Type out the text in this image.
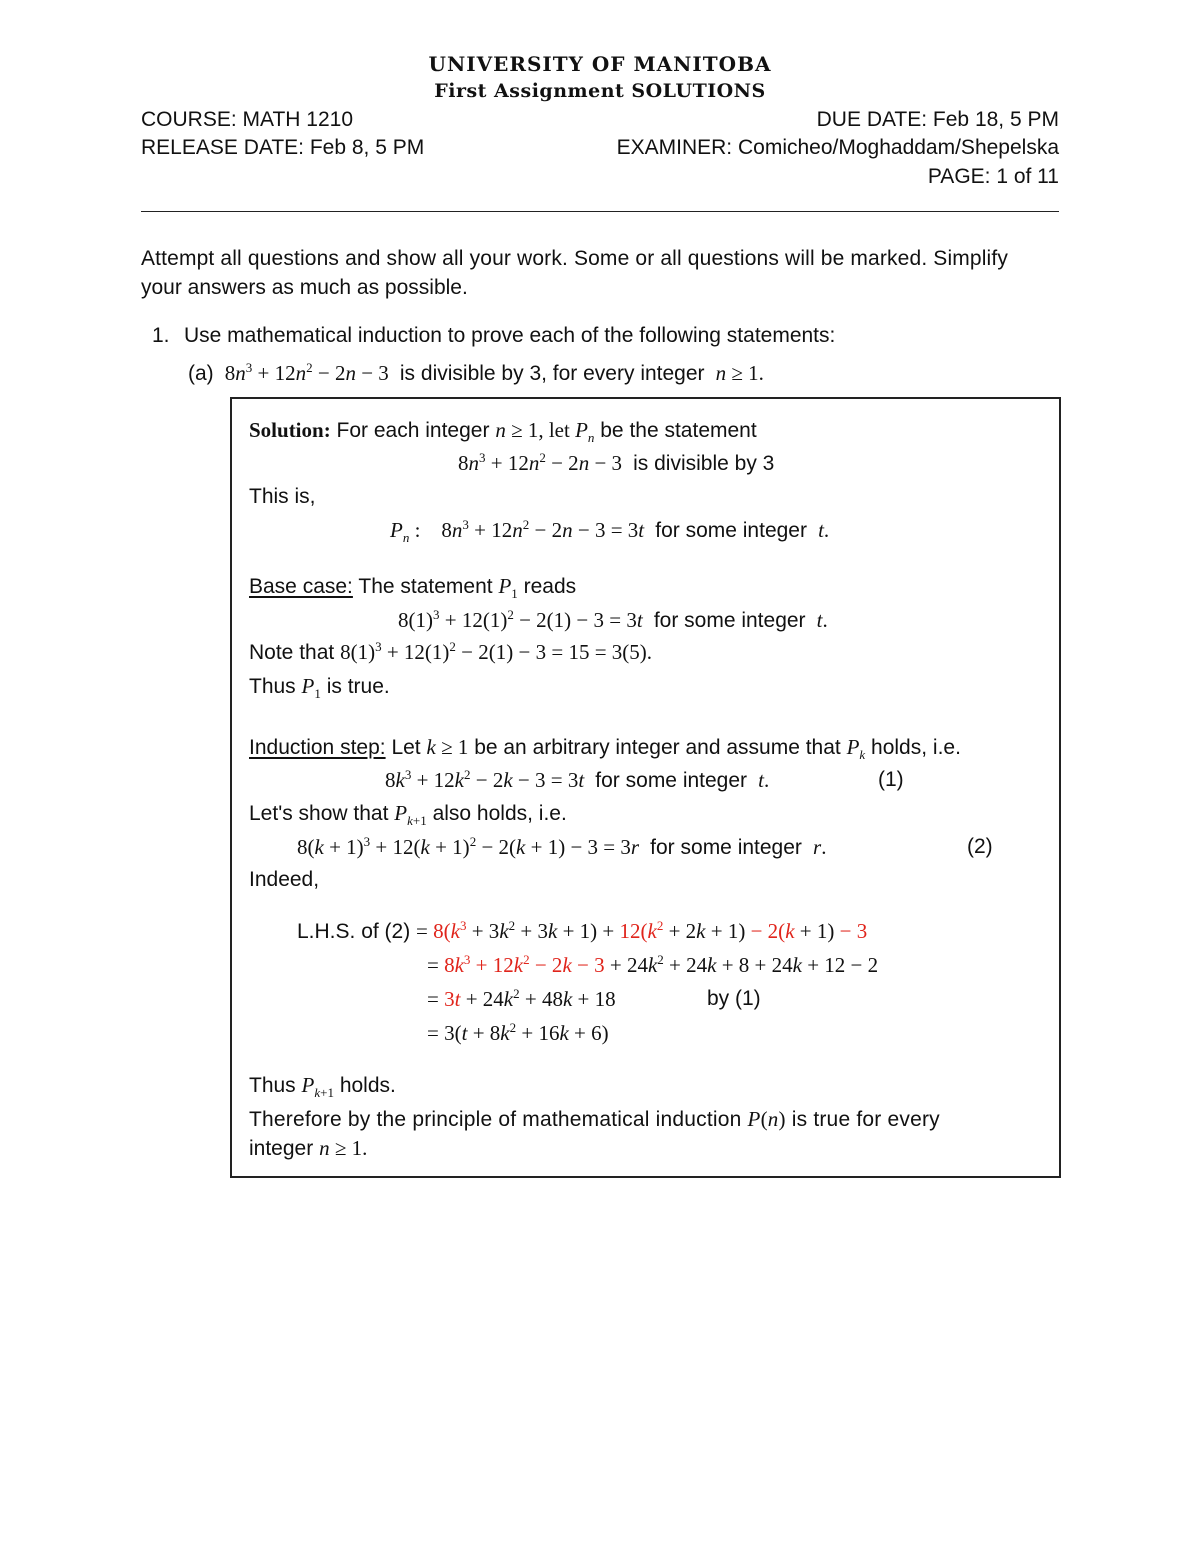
UNIVERSITY OF MANITOBA
First Assignment SOLUTIONS
COURSE: MATH 1210	DUE DATE: Feb 18, 5 PM
RELEASE DATE: Feb 8, 5 PM	EXAMINER: Comicheo/Moghaddam/Shepelska
PAGE: 1 of 11
Attempt all questions and show all your work. Some or all questions will be marked. Simplify
your answers as much as possible.
1. Use mathematical induction to prove each of the following statements:
(a)  $8n^3 + 12n^2 - 2n - 3$  is divisible by 3, for every integer n ≥ 1.
Solution: For each integer n ≥ 1, let $P_n$ be the statement
$8n^3 + 12n^2 - 2n - 3$  is divisible by 3
This is,
$P_n$ :    $8n^3 + 12n^2 - 2n - 3 = 3t$ for some integer t.
Base case: The statement $P_1$ reads
$8(1)^3 + 12(1)^2 - 2(1) - 3 = 3t$ for some integer t.
Note that $8(1)^3 + 12(1)^2 - 2(1) - 3 = 15 = 3(5)$.
Thus $P_1$ is true.
Induction step: Let k ≥ 1 be an arbitrary integer and assume that $P_k$ holds, i.e.
$8k^3 + 12k^2 - 2k - 3 = 3t$ for some integer t.	(1)
Let's show that $P_{k+1}$ also holds, i.e.
$8(k + 1)^3 + 12(k + 1)^2 - 2(k + 1) - 3 = 3r$ for some integer r.	(2)
Indeed,
L.H.S. of $(2) = 8(k^3 + 3k^2 + 3k + 1) + 12(k^2 + 2k + 1) - 2(k + 1) - 3$
= $8k^3 + 12k^2 - 2k - 3 + 24k^2 + 24k + 8 + 24k + 12 - 2$
= $3t + 24k^2 + 48k + 18$	by (1)
= $3(t + 8k^2 + 16k + 6)$
Thus $P_{k+1}$ holds.
Therefore by the principle of mathematical induction P(n) is true for every
integer n ≥ 1.
